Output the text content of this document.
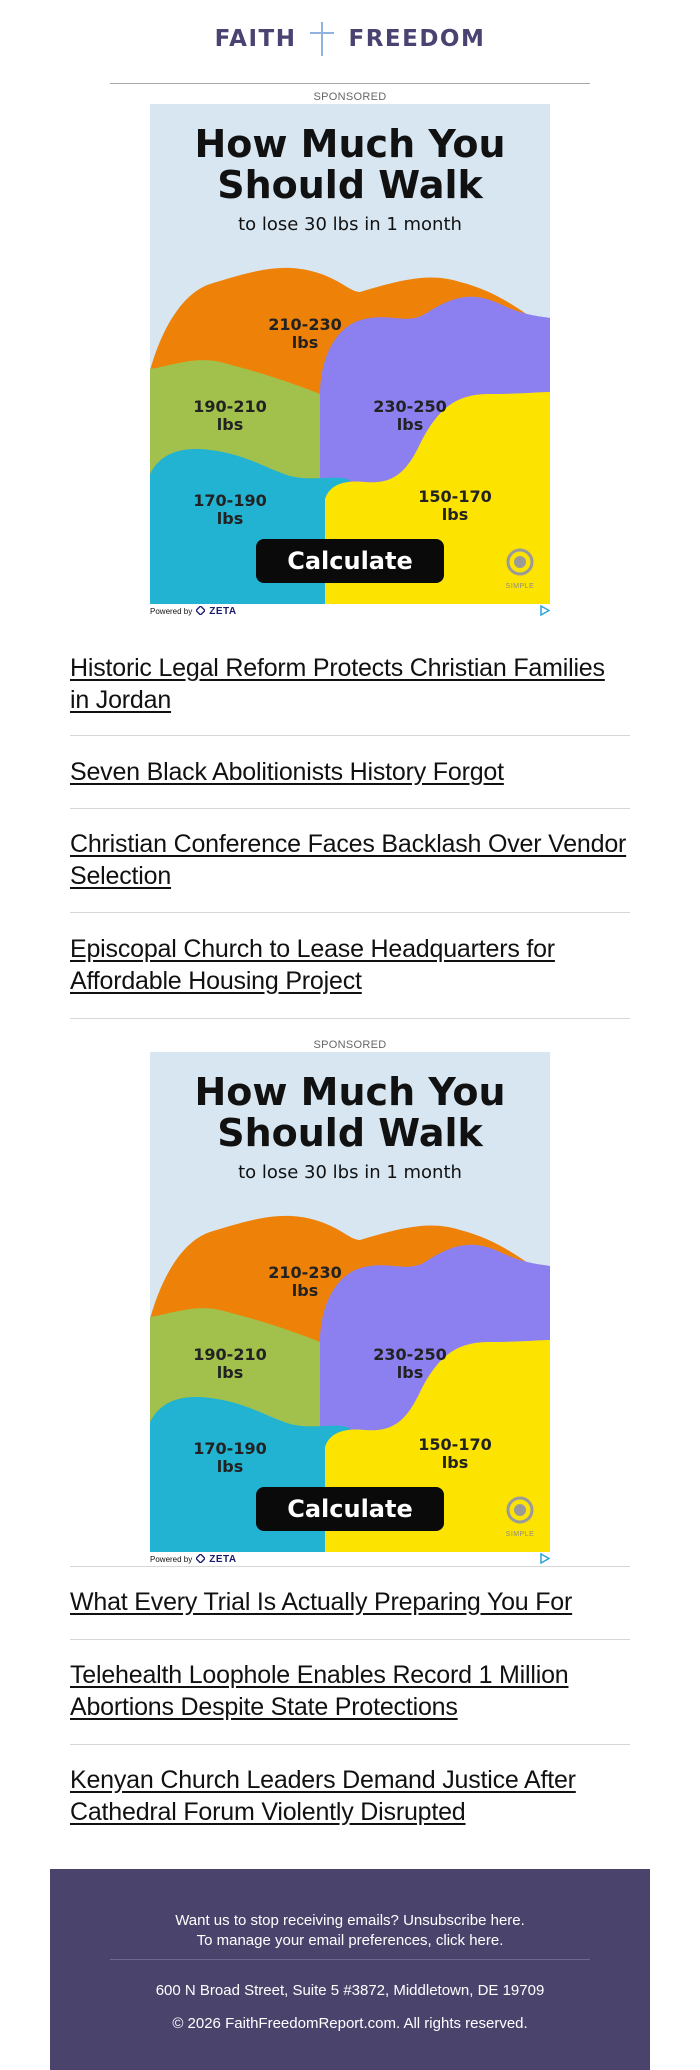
FAITH FREEDOM
SPONSORED
How Much You
Should Walk
to lose 30 lbs in 1 month
210-230
lbs
190-210
lbs
230-250
lbs
170-190
lbs
150-170
lbs
Calculate
SIMPLE
Powered by ZETA
Historic Legal Reform Protects Christian Families in Jordan
Seven Black Abolitionists History Forgot
Christian Conference Faces Backlash Over Vendor Selection
Episcopal Church to Lease Headquarters for Affordable Housing Project
SPONSORED
How Much You
Should Walk
to lose 30 lbs in 1 month
210-230
lbs
190-210
lbs
230-250
lbs
170-190
lbs
150-170
lbs
Calculate
SIMPLE
Powered by ZETA
What Every Trial Is Actually Preparing You For
Telehealth Loophole Enables Record 1 Million Abortions Despite State Protections
Kenyan Church Leaders Demand Justice After Cathedral Forum Violently Disrupted
Want us to stop receiving emails? Unsubscribe here.
To manage your email preferences, click here.
600 N Broad Street, Suite 5 #3872, Middletown, DE 19709
© 2026 FaithFreedomReport.com. All rights reserved.
